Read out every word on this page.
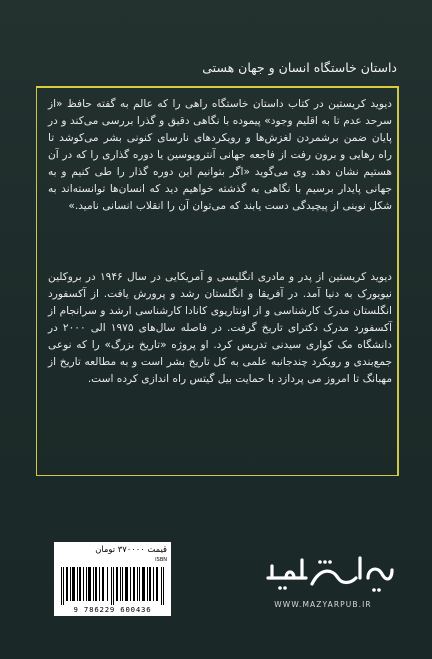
داستان خاستگاه انسان و جهان هستی
دیوید کریستین در کتاب داستان خاستگاه راهی را که عالم به گفته حافظ «از سرحد عدم تا به اقلیم وجود» پیموده با نگاهی دقیق و گذرا بررسی می‌کند و در پایان ضمن برشمردن لغزش‌ها و رویکردهای نارسای کنونی بشر می‌کوشد تا راه رهایی و برون رفت از فاجعه جهانی آنتروپوسین یا دوره گذاری را که در آن هستیم نشان دهد. وی می‌گوید «اگر بتوانیم این دوره گذار را طی کنیم و به جهانی پایدار برسیم با نگاهی به گذشته خواهیم دید که انسان‌ها توانسته‌اند به شکل نوینی از پیچیدگی دست یابند که می‌توان آن را انقلاب انسانی نامید.»
دیوید کریستین از پدر و مادری انگلیسی و آمریکایی در سال ۱۹۴۶ در بروکلین نیویورک به دنیا آمد. در آفریقا و انگلستان رشد و پرورش یافت. از آکسفورد انگلستان مدرک کارشناسی و از اونتاریوی کانادا کارشناسی ارشد و سرانجام از آکسفورد مدرک دکترای تاریخ گرفت. در فاصله سال‌های ۱۹۷۵ الی ۲۰۰۰ در دانشگاه مک کواری سیدنی تدریس کرد. او پروژه «تاریخ بزرگ» را که نوعی جمع‌بندی و رویکرد چندجانبه علمی به کل تاریخ بشر است و به مطالعه تاریخ از مهبانگ تا امروز می‌ پردازد با حمایت بیل گیتس راه اندازی کرده است.
قیمت ۳۷۰۰۰۰ تومان
ISBN
9 786229 600436
WWW.MAZYARPUB.IR
